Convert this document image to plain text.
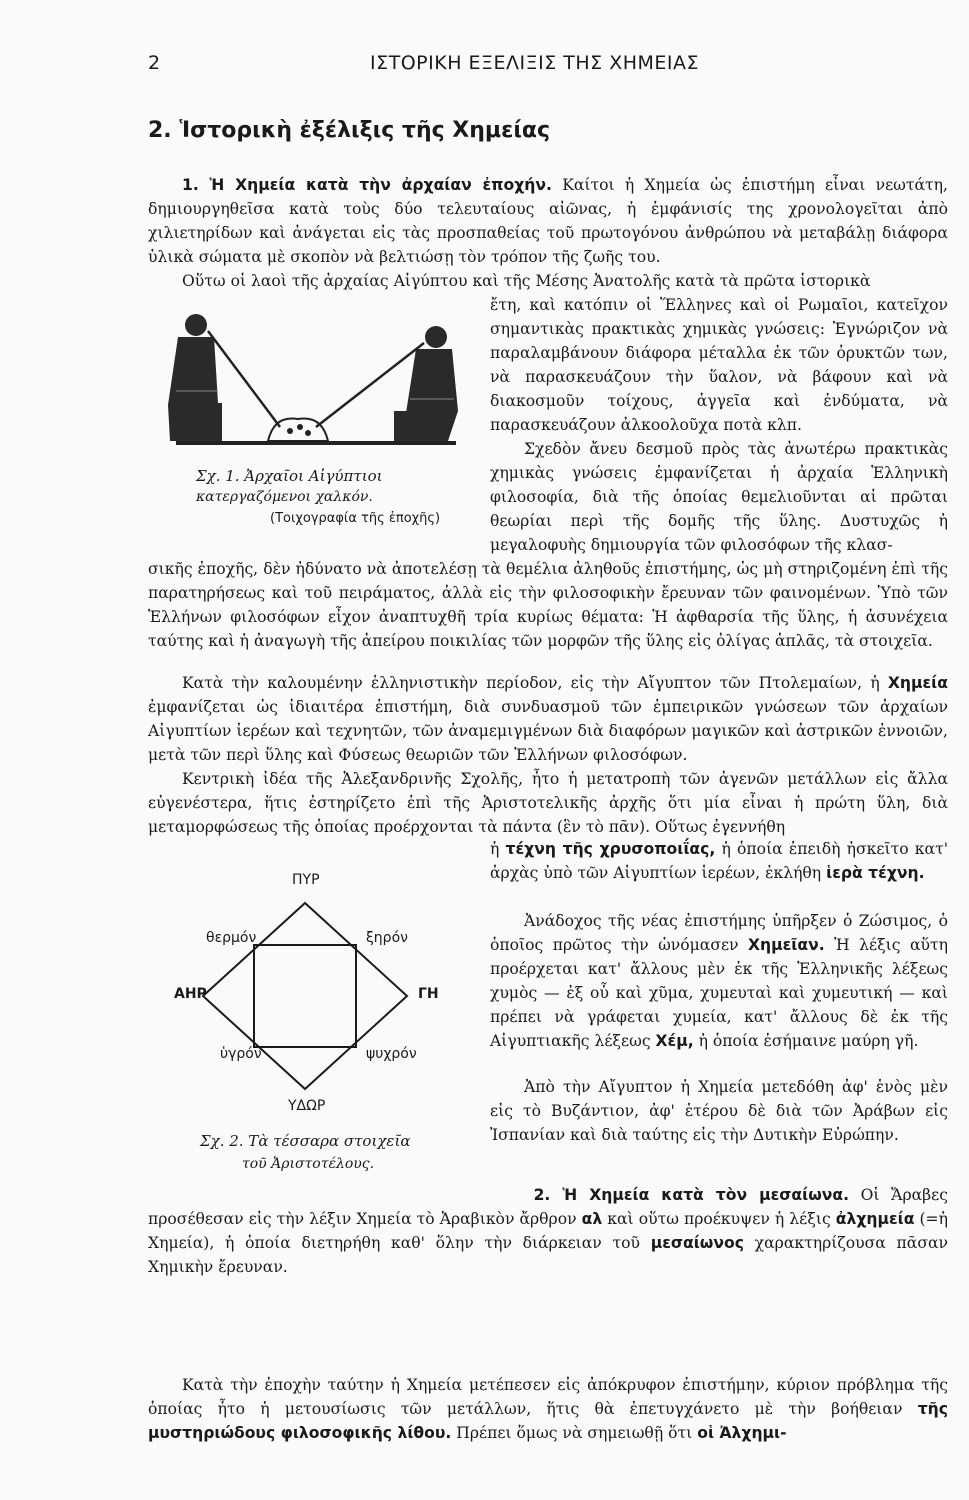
2	ΙΣΤΟΡΙΚΗ ΕΞΕΛΙΞΙΣ ΤΗΣ ΧΗΜΕΙΑΣ
2. Ἱστορικὴ ἐξέλιξις τῆς Χημείας

1. Ἡ Χημεία κατὰ τὴν ἀρχαίαν ἐποχήν. Καίτοι ἡ Χημεία ὡς ἐπιστήμη εἶναι νεωτάτη, δημιουργηθεῖσα κατὰ τοὺς δύο τελευταίους αἰῶνας, ἡ ἐμφάνισίς της χρονολογεῖται ἀπὸ χιλιετηρίδων καὶ ἀνάγεται εἰς τὰς προσπαθείας τοῦ πρωτογόνου ἀνθρώπου νὰ μεταβάλῃ διάφορα ὑλικὰ σώματα μὲ σκοπὸν νὰ βελτιώσῃ τὸν τρόπον τῆς ζωῆς του.

Οὕτω οἱ λαοὶ τῆς ἀρχαίας Αἰγύπτου καὶ τῆς Μέσης Ἀνατολῆς κατὰ τὰ πρῶτα ἱστορικὰ

ἔτη, καὶ κατόπιν οἱ Ἕλληνες καὶ οἱ Ρωμαῖοι, κατεῖχον σημαντικὰς πρακτικὰς χημικὰς γνώσεις: Ἐγνώριζον νὰ παραλαμβάνουν διάφορα μέταλλα ἐκ τῶν ὀρυκτῶν των, νὰ παρασκευάζουν τὴν ὕαλον, νὰ βάφουν καὶ νὰ διακοσμοῦν τοίχους, ἀγγεῖα καὶ ἐνδύματα, νὰ παρασκευάζουν ἀλκοολοῦχα ποτὰ κλπ.

Σχεδὸν ἄνευ δεσμοῦ πρὸς τὰς ἀνωτέρω πρακτικὰς χημικὰς γνώσεις ἐμφανίζεται ἡ ἀρχαία Ἑλληνικὴ φιλοσοφία, διὰ τῆς ὁποίας θεμελιοῦνται αἱ πρῶται θεωρίαι περὶ τῆς δομῆς τῆς ὕλης. Δυστυχῶς ἡ μεγαλοφυὴς δημιουργία τῶν φιλοσόφων τῆς κλασ-

Σχ. 1. Ἀρχαῖοι Αἰγύπτιοι
κατεργαζόμενοι χαλκόν.
(Τοιχογραφία τῆς ἐποχῆς)

σικῆς ἐποχῆς, δὲν ἠδύνατο νὰ ἀποτελέσῃ τὰ θεμέλια ἀληθοῦς ἐπιστήμης, ὡς μὴ στηριζομένη ἐπὶ τῆς παρατηρήσεως καὶ τοῦ πειράματος, ἀλλὰ εἰς τὴν φιλοσοφικὴν ἔρευναν τῶν φαινομένων. Ὑπὸ τῶν Ἑλλήνων φιλοσόφων εἶχον ἀναπτυχθῆ τρία κυρίως θέματα: Ἡ ἀφθαρσία τῆς ὕλης, ἡ ἀσυνέχεια ταύτης καὶ ἡ ἀναγωγὴ τῆς ἀπείρου ποικιλίας τῶν μορφῶν τῆς ὕλης εἰς ὀλίγας ἁπλᾶς, τὰ στοιχεῖα.

Κατὰ τὴν καλουμένην ἑλληνιστικὴν περίοδον, εἰς τὴν Αἴγυπτον τῶν Πτολεμαίων, ἡ Χημεία ἐμφανίζεται ὡς ἰδιαιτέρα ἐπιστήμη, διὰ συνδυασμοῦ τῶν ἐμπειρικῶν γνώσεων τῶν ἀρχαίων Αἰγυπτίων ἱερέων καὶ τεχνητῶν, τῶν ἀναμεμιγμένων διὰ διαφόρων μαγικῶν καὶ ἀστρικῶν ἐννοιῶν, μετὰ τῶν περὶ ὕλης καὶ Φύσεως θεωριῶν τῶν Ἑλλήνων φιλοσόφων.

Κεντρικὴ ἰδέα τῆς Ἀλεξανδρινῆς Σχολῆς, ἦτο ἡ μετατροπὴ τῶν ἀγενῶν μετάλλων εἰς ἄλλα εὐγενέστερα, ἥτις ἐστηρίζετο ἐπὶ τῆς Ἀριστοτελικῆς ἀρχῆς ὅτι μία εἶναι ἡ πρώτη ὕλη, διὰ μεταμορφώσεως τῆς ὁποίας προέρχονται τὰ πάντα (ἓν τὸ πᾶν). Οὕτως ἐγεννήθη

ἡ τέχνη τῆς χρυσοποιΐας, ἡ ὁποία ἐπειδὴ ἠσκεῖτο κατ' ἀρχὰς ὑπὸ τῶν Αἰγυπτίων ἱερέων, ἐκλήθη ἱερὰ τέχνη.

Ἀνάδοχος τῆς νέας ἐπιστήμης ὑπῆρξεν ὁ Ζώσιμος, ὁ ὁποῖος πρῶτος τὴν ὠνόμασεν Χημεῖαν. Ἡ λέξις αὕτη προέρχεται κατ' ἄλλους μὲν ἐκ τῆς Ἑλληνικῆς λέξεως χυμὸς — ἐξ οὗ καὶ χῦμα, χυμευταὶ καὶ χυμευτική — καὶ πρέπει νὰ γράφεται χυμεία, κατ' ἄλλους δὲ ἐκ τῆς Αἰγυπτιακῆς λέξεως Χέμ, ἡ ὁποία ἐσήμαινε μαύρη γῆ.

Ἀπὸ τὴν Αἴγυπτον ἡ Χημεία μετεδόθη ἀφ' ἑνὸς μὲν εἰς τὸ Βυζάντιον, ἀφ' ἑτέρου δὲ διὰ τῶν Ἀράβων εἰς Ἰσπανίαν καὶ διὰ ταύτης εἰς τὴν Δυτικὴν Εὐρώπην.

ΠΥΡ
ΑΗΡ	ΓΗ
ΥΔΩΡ
θερμόν	ξηρόν
ὑγρόν	ψυχρόν
Σχ. 2. Τὰ τέσσαρα στοιχεῖα
τοῦ Ἀριστοτέλους.

2. Ἡ Χημεία κατὰ τὸν μεσαίωνα. Οἱ Ἄραβες προσέθεσαν εἰς τὴν λέξιν Χημεία τὸ Ἀραβικὸν ἄρθρον αλ καὶ οὕτω προέκυψεν ἡ λέξις ἀλχημεία (=ἡ Χημεία), ἡ ὁποία διετηρήθη καθ' ὅλην τὴν διάρκειαν τοῦ μεσαίωνος χαρακτηρίζουσα πᾶσαν Χημικὴν ἔρευναν.

Κατὰ τὴν ἐποχὴν ταύτην ἡ Χημεία μετέπεσεν εἰς ἀπόκρυφον ἐπιστήμην, κύριον πρόβλημα τῆς ὁποίας ἦτο ἡ μετουσίωσις τῶν μετάλλων, ἥτις θὰ ἐπετυγχάνετο μὲ τὴν βοήθειαν τῆς μυστηριώδους φιλοσοφικῆς λίθου. Πρέπει ὅμως νὰ σημειωθῇ ὅτι οἱ Ἀλχημι-
